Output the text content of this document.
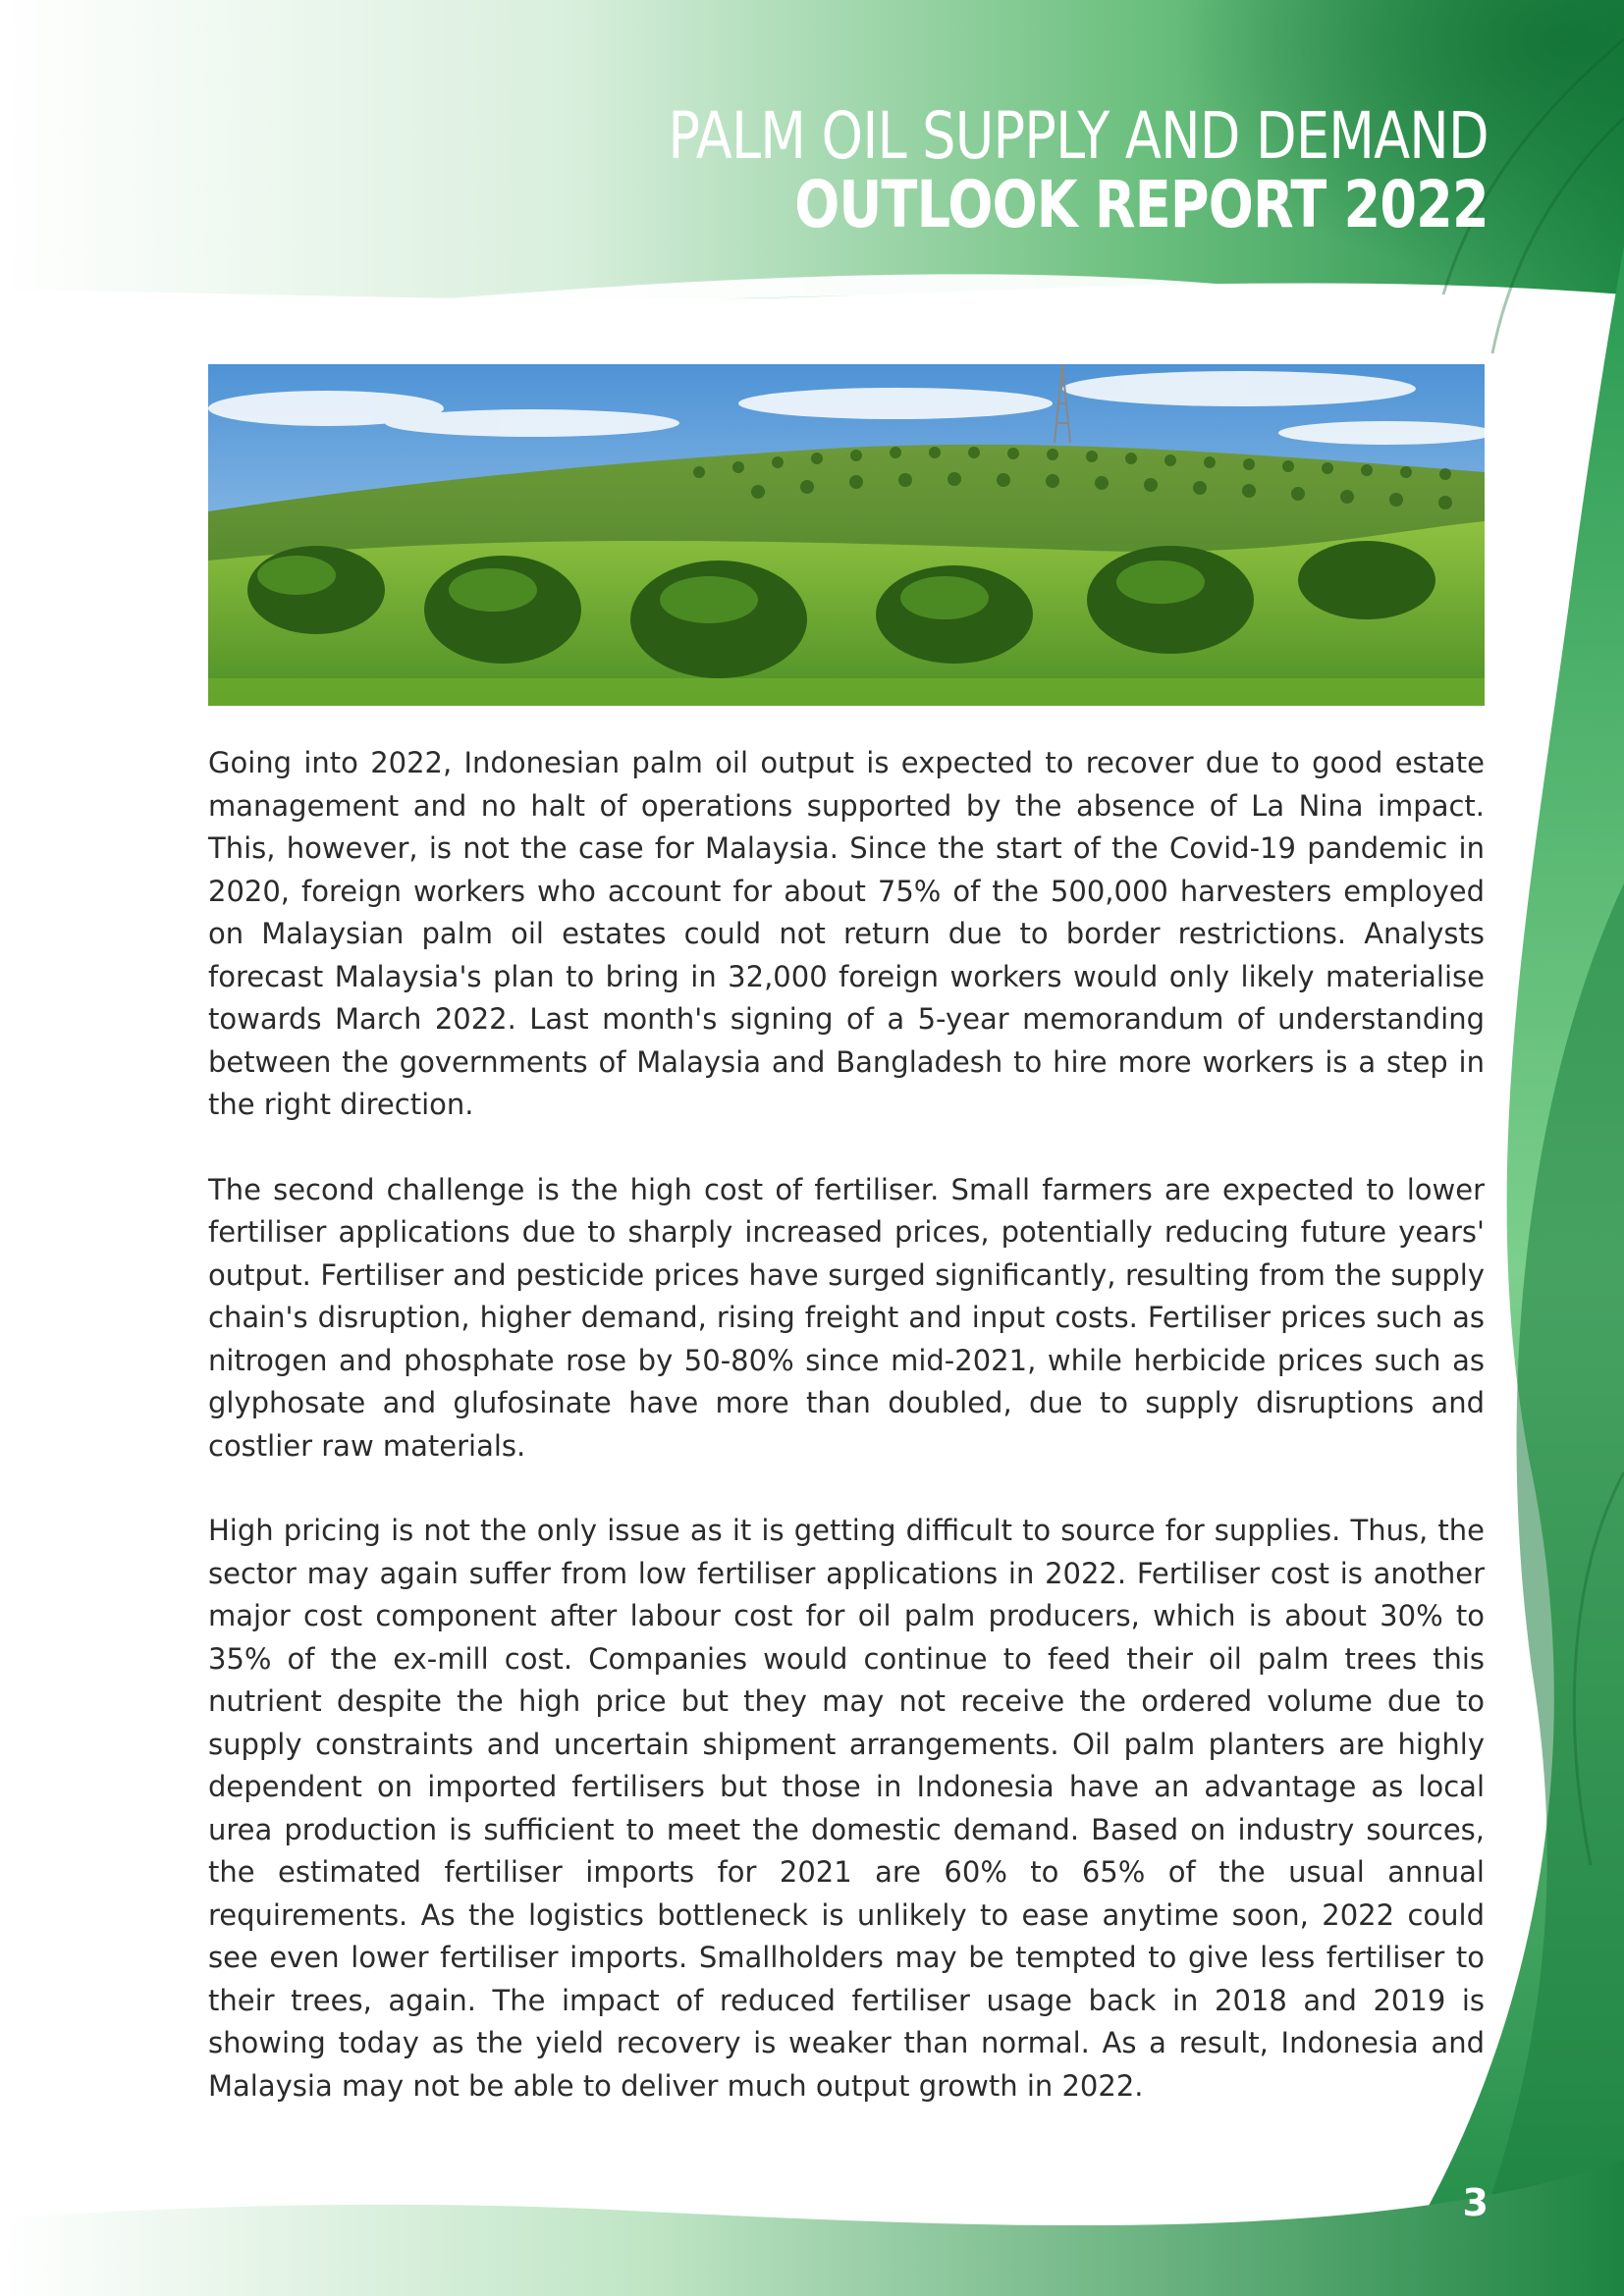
PALM OIL SUPPLY AND DEMAND
OUTLOOK REPORT 2022

Going into 2022, Indonesian palm oil output is expected to recover due to good estate management and no halt of operations supported by the absence of La Nina impact. This, however, is not the case for Malaysia. Since the start of the Covid-19 pandemic in 2020, foreign workers who account for about 75% of the 500,000 harvesters employed on Malaysian palm oil estates could not return due to border restrictions. Analysts forecast Malaysia's plan to bring in 32,000 foreign workers would only likely materialise towards March 2022. Last month's signing of a 5-year memorandum of understanding between the governments of Malaysia and Bangladesh to hire more workers is a step in the right direction.

The second challenge is the high cost of fertiliser. Small farmers are expected to lower fertiliser applications due to sharply increased prices, potentially reducing future years' output. Fertiliser and pesticide prices have surged significantly, resulting from the supply chain's disruption, higher demand, rising freight and input costs. Fertiliser prices such as nitrogen and phosphate rose by 50-80% since mid-2021, while herbicide prices such as glyphosate and glufosinate have more than doubled, due to supply disruptions and costlier raw materials.

High pricing is not the only issue as it is getting difficult to source for supplies. Thus, the sector may again suffer from low fertiliser applications in 2022. Fertiliser cost is another major cost component after labour cost for oil palm producers, which is about 30% to 35% of the ex-mill cost. Companies would continue to feed their oil palm trees this nutrient despite the high price but they may not receive the ordered volume due to supply constraints and uncertain shipment arrangements. Oil palm planters are highly dependent on imported fertilisers but those in Indonesia have an advantage as local urea production is sufficient to meet the domestic demand. Based on industry sources, the estimated fertiliser imports for 2021 are 60% to 65% of the usual annual requirements. As the logistics bottleneck is unlikely to ease anytime soon, 2022 could see even lower fertiliser imports. Smallholders may be tempted to give less fertiliser to their trees, again. The impact of reduced fertiliser usage back in 2018 and 2019 is showing today as the yield recovery is weaker than normal. As a result, Indonesia and Malaysia may not be able to deliver much output growth in 2022.

3
